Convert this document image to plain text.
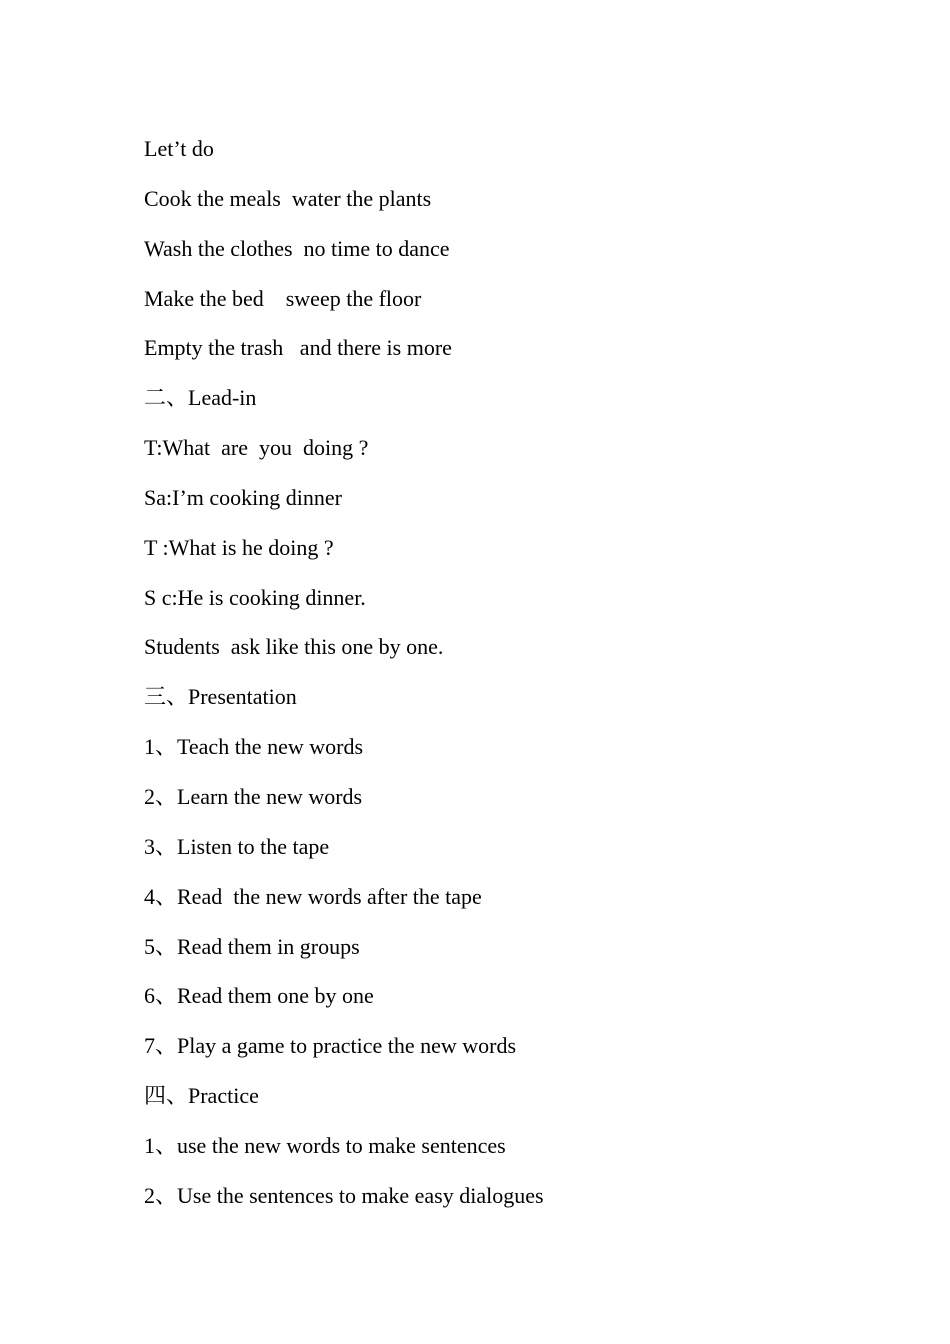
Let’t do
Cook the meals  water the plants
Wash the clothes  no time to dance
Make the bed    sweep the floor
Empty the trash   and there is more
二、Lead-in
T:What  are  you  doing ?
Sa:I’m cooking dinner
T :What is he doing ?
S c:He is cooking dinner.
Students  ask like this one by one.
三、Presentation
1、Teach the new words
2、Learn the new words
3、Listen to the tape
4、Read  the new words after the tape
5、Read them in groups
6、Read them one by one
7、Play a game to practice the new words
四、Practice
1、use the new words to make sentences
2、Use the sentences to make easy dialogues
